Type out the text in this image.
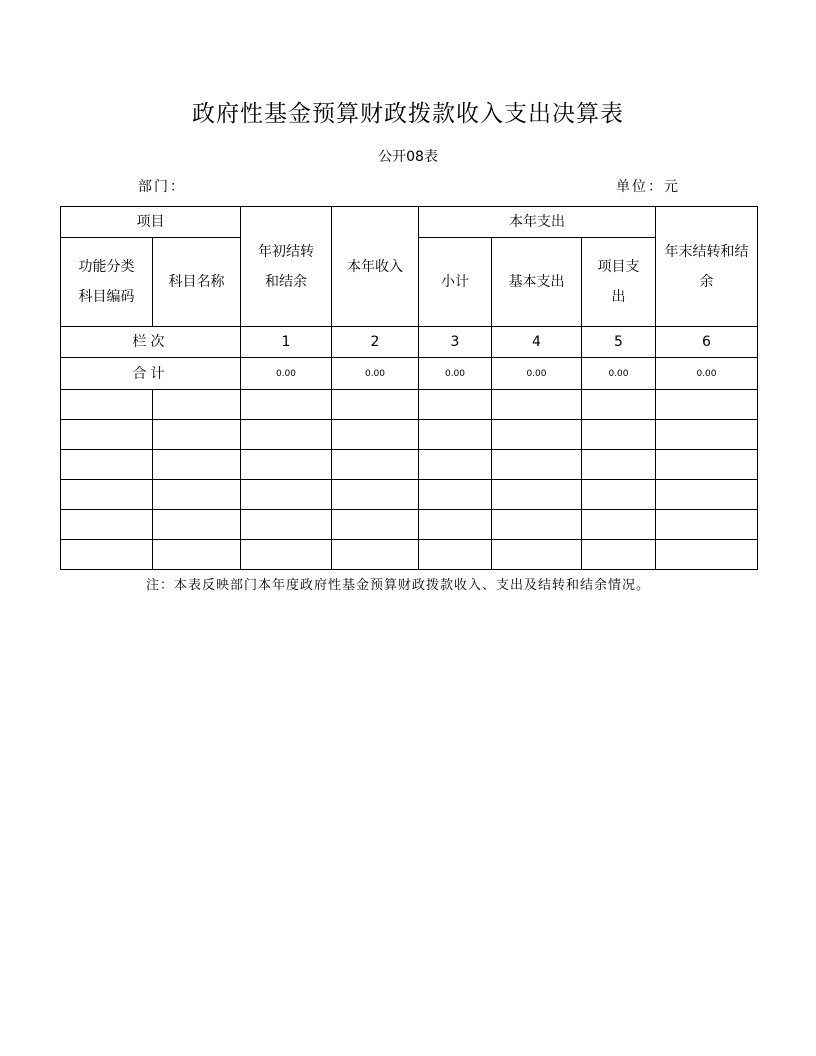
政府性基金预算财政拨款收入支出决算表
公开08表
部门：	单位：元
项目		年初结转和结余	本年收入	本年支出			年末结转和结余
功能分类科目编码	科目名称			小计	基本支出	项目支出	
栏次		1	2	3	4	5	6
合计		0.00	0.00	0.00	0.00	0.00	0.00

注：本表反映部门本年度政府性基金预算财政拨款收入、支出及结转和结余情况。
